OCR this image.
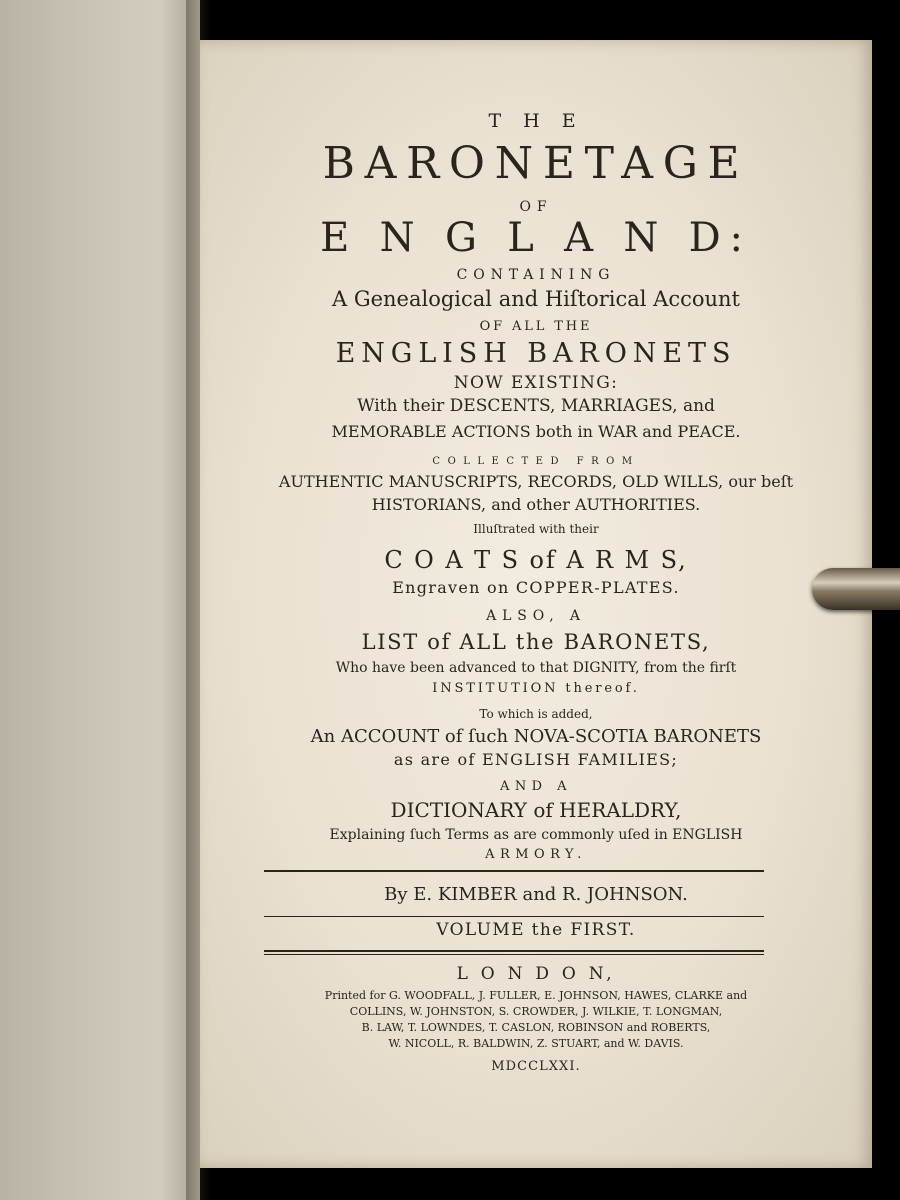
T H E
BARONETAGE
OF
E N G L A N D:
CONTAINING
A Genealogical and Hiſtorical Account
OF ALL THE
ENGLISH BARONETS
NOW EXISTING:
With their DESCENTS, MARRIAGES, and
MEMORABLE ACTIONS both in WAR and PEACE.
COLLECTED FROM
AUTHENTIC MANUSCRIPTS, RECORDS, OLD WILLS, our beſt
HISTORIANS, and other AUTHORITIES.
Illuſtrated with their
C O A T S of A R M S,
Engraven on COPPER-PLATES.
ALSO, A
LIST of ALL the BARONETS,
Who have been advanced to that DIGNITY, from the firſt
INSTITUTION thereof.
To which is added,
An ACCOUNT of ſuch NOVA-SCOTIA BARONETS
as are of ENGLISH FAMILIES;
AND A
DICTIONARY of HERALDRY,
Explaining ſuch Terms as are commonly uſed in ENGLISH
ARMORY.
By E. KIMBER and R. JOHNSON.
VOLUME the FIRST.
L O N D O N,
Printed for G. WOODFALL, J. FULLER, E. JOHNSON, HAWES, CLARKE and
COLLINS, W. JOHNSTON, S. CROWDER, J. WILKIE, T. LONGMAN,
B. LAW, T. LOWNDES, T. CASLON, ROBINSON and ROBERTS,
W. NICOLL, R. BALDWIN, Z. STUART, and W. DAVIS.
MDCCLXXI.
